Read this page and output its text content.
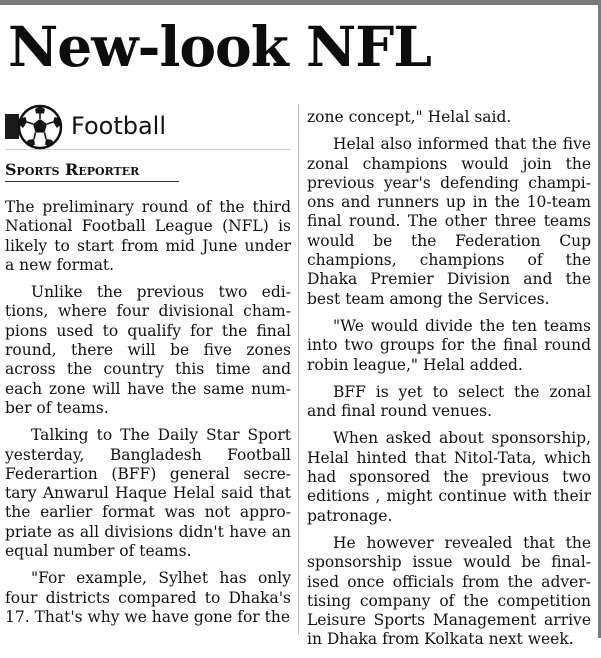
New-look NFL
Football
Sports Reporter

The preliminary round of the third National Football League (NFL) is likely to start from mid June under a new format.

Unlike the previous two editions, where four divisional champions used to qualify for the final round, there will be five zones across the country this time and each zone will have the same number of teams.

Talking to The Daily Star Sport yesterday, Bangladesh Football Federartion (BFF) general secretary Anwarul Haque Helal said that the earlier format was not appropriate as all divisions didn't have an equal number of teams.

"For example, Sylhet has only four districts compared to Dhaka's 17. That's why we have gone for the

zone concept," Helal said.

Helal also informed that the five zonal champions would join the previous year's defending champions and runners up in the 10-team final round. The other three teams would be the Federation Cup champions, champions of the Dhaka Premier Division and the best team among the Services.

"We would divide the ten teams into two groups for the final round robin league," Helal added.

BFF is yet to select the zonal and final round venues.

When asked about sponsorship, Helal hinted that Nitol-Tata, which had sponsored the previous two editions , might continue with their patronage.

He however revealed that the sponsorship issue would be finalised once officials from the advertising company of the competition Leisure Sports Management arrive in Dhaka from Kolkata next week.
